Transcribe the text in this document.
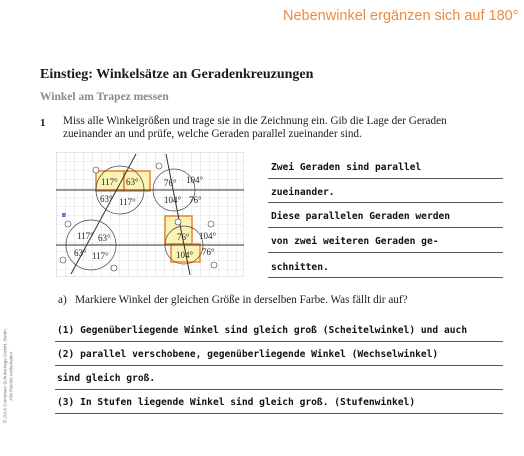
Nebenwinkel ergänzen sich auf 180°
Einstieg: Winkelsätze an Geradenkreuzungen
Winkel am Trapez messen
1 Miss alle Winkelgrößen und trage sie in die Zeichnung ein. Gib die Lage der Geraden
zueinander an und prüfe, welche Geraden parallel zueinander sind.
117° 63°
63° 117°
76° 104°
104° 76°
117° 63°
63° 117°
76° 104°
104° 76°
Zwei Geraden sind parallel
zueinander.
Diese parallelen Geraden werden
von zwei weiteren Geraden ge-
schnitten.
a) Markiere Winkel der gleichen Größe in derselben Farbe. Was fällt dir auf?
(1) Gegenüberliegende Winkel sind gleich groß (Scheitelwinkel) und auch
(2) parallel verschobene, gegenüberliegende Winkel (Wechselwinkel)
sind gleich groß.
(3) In Stufen liegende Winkel sind gleich groß. (Stufenwinkel)
© 2014 Cornelsen Schulverlage GmbH, Berlin. Alle Rechte vorbehalten.
